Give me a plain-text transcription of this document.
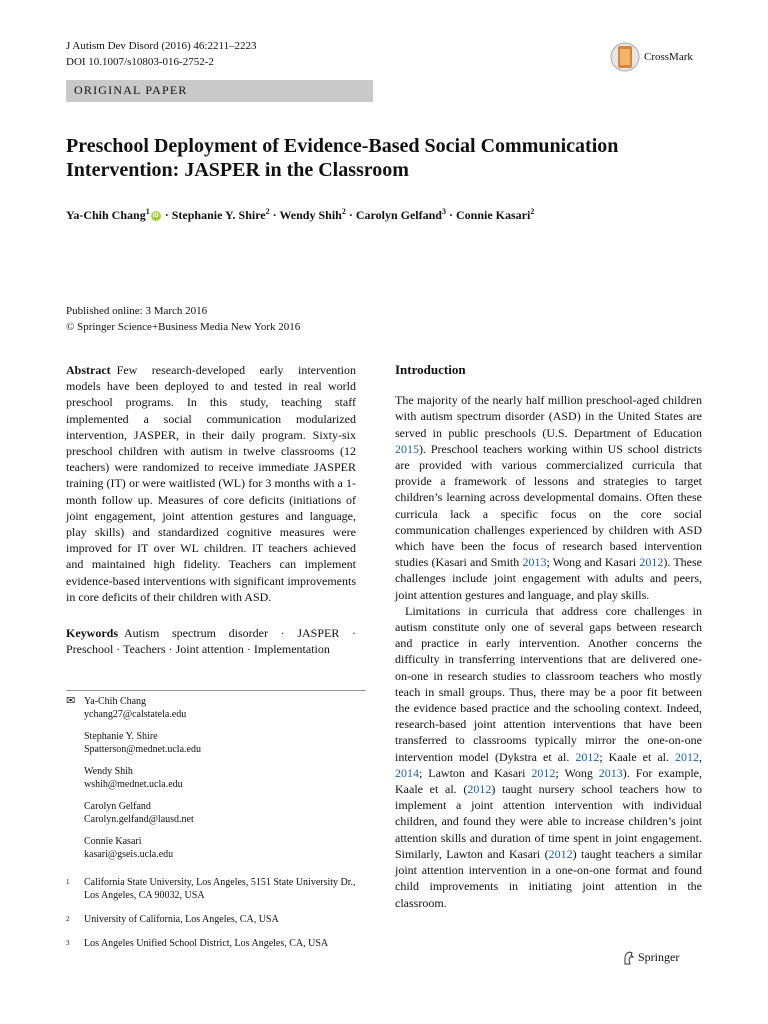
J Autism Dev Disord (2016) 46:2211–2223
DOI 10.1007/s10803-016-2752-2	CrossMark
ORIGINAL PAPER
Preschool Deployment of Evidence-Based Social Communication Intervention: JASPER in the Classroom

Ya-Chih Chang$^1$ iD · Stephanie Y. Shire$^2$ · Wendy Shih$^2$ · Carolyn Gelfand$^3$ · Connie Kasari$^2$

Published online: 3 March 2016
© Springer Science+Business Media New York 2016

Abstract Few research-developed early intervention models have been deployed to and tested in real world preschool programs. In this study, teaching staff implemented a social communication modularized intervention, JASPER, in their daily program. Sixty-six preschool children with autism in twelve classrooms (12 teachers) were randomized to receive immediate JASPER training (IT) or were waitlisted (WL) for 3 months with a 1-month follow up. Measures of core deficits (initiations of joint engagement, joint attention gestures and language, play skills) and standardized cognitive measures were improved for IT over WL children. IT teachers achieved and maintained high fidelity. Teachers can implement evidence-based interventions with significant improvements in core deficits of their children with ASD.

Keywords Autism spectrum disorder · JASPER · Preschool · Teachers · Joint attention · Implementation

Introduction

The majority of the nearly half million preschool-aged children with autism spectrum disorder (ASD) in the United States are served in public preschools (U.S. Department of Education 2015). Preschool teachers working within US school districts are provided with various commercialized curricula that provide a framework of lessons and strategies to target children’s learning across developmental domains. Often these curricula lack a specific focus on the core social communication challenges experienced by children with ASD which have been the focus of research based intervention studies (Kasari and Smith 2013; Wong and Kasari 2012). These challenges include joint engagement with adults and peers, joint attention gestures and language, and play skills.

Limitations in curricula that address core challenges in autism constitute only one of several gaps between research and practice in early intervention. Another concerns the difficulty in transferring interventions that are delivered one-on-one in research studies to classroom teachers who mostly teach in small groups. Thus, there may be a poor fit between the evidence based practice and the schooling context. Indeed, research-based joint attention interventions that have been transferred to classrooms typically mirror the one-on-one intervention model (Dykstra et al. 2012; Kaale et al. 2012, 2014; Lawton and Kasari 2012; Wong 2013). For example, Kaale et al. (2012) taught nursery school teachers how to implement a joint attention intervention with individual children, and found they were able to increase children’s joint attention skills and duration of time spent in joint engagement. Similarly, Lawton and Kasari (2012) taught teachers a similar joint attention intervention in a one-on-one format and found child improvements in initiating joint attention in the classroom.

✉ Ya-Chih Chang
ychang27@calstatela.edu
Stephanie Y. Shire
Spatterson@mednet.ucla.edu
Wendy Shih
wshih@mednet.ucla.edu
Carolyn Gelfand
Carolyn.gelfand@lausd.net
Connie Kasari
kasari@gseis.ucla.edu
1	California State University, Los Angeles, 5151 State University Dr., Los Angeles, CA 90032, USA
2	University of California, Los Angeles, CA, USA
3	Los Angeles Unified School District, Los Angeles, CA, USA
Springer
